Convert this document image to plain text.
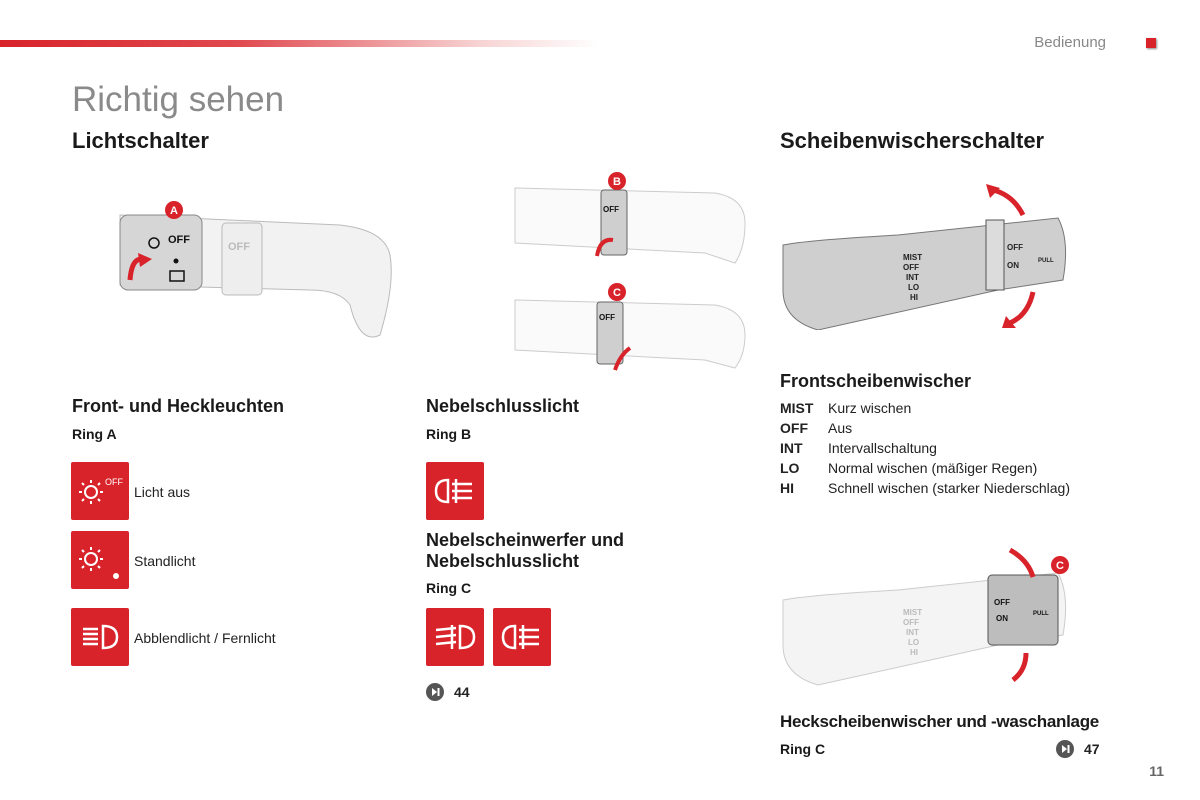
Bedienung
Richtig sehen
Lichtschalter	Scheibenwischerschalter
OFF
OFF
A	OFF
B
OFF
C
MIST
OFF
INT
LO
HI
OFF
ON	PULL
MIST
OFF
INT
LO
HI
OFF
ON	PULL
C
Front- und Heckleuchten
Ring A
OFF
Licht aus
Standlicht
Abblendlicht / Fernlicht
Nebelschlusslicht
Ring B
Nebelscheinwerfer und
Nebelschlusslicht
Ring C
44
Frontscheibenwischer
MIST Kurz wischen
OFF Aus
INT Intervallschaltung
LO Normal wischen (mäßiger Regen)
HI Schnell wischen (starker Niederschlag)
Heckscheibenwischer und -waschanlage
Ring C	47
11
